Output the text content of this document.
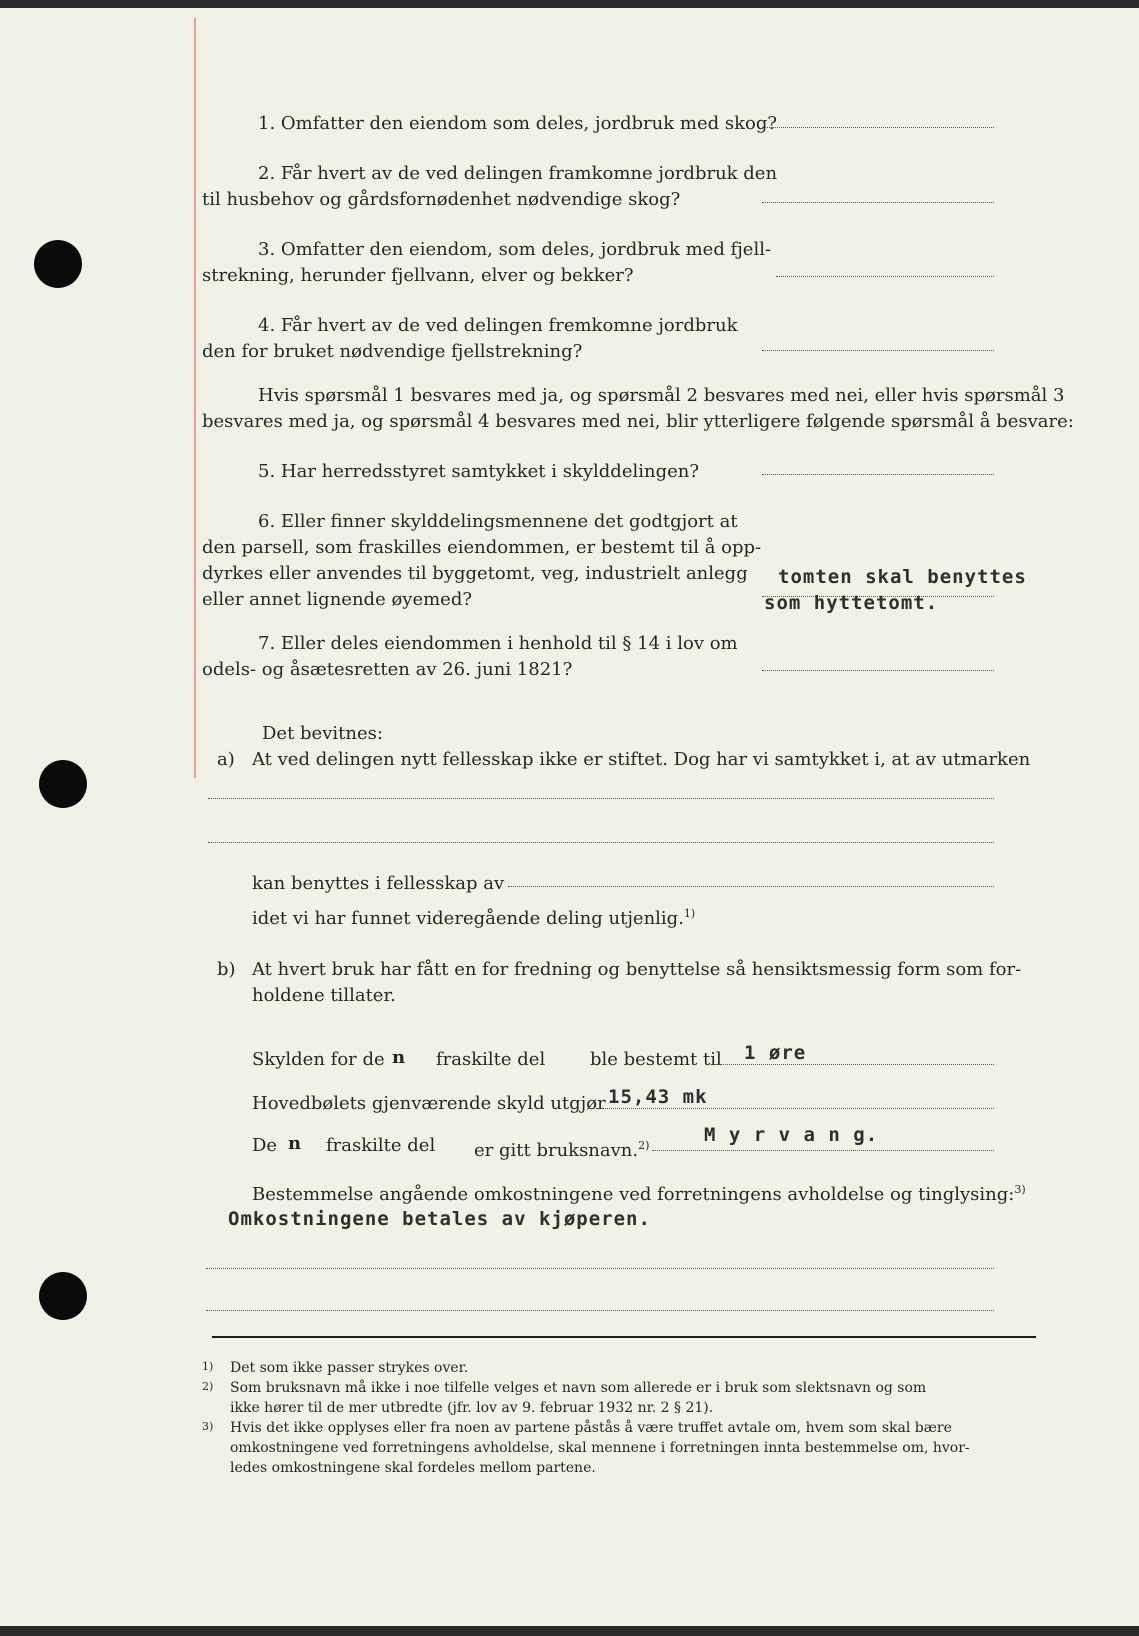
1. Omfatter den eiendom som deles, jordbruk med skog?
2. Får hvert av de ved delingen framkomne jordbruk den
til husbehov og gårdsfornødenhet nødvendige skog?
3. Omfatter den eiendom, som deles, jordbruk med fjell-
strekning, herunder fjellvann, elver og bekker?
4. Får hvert av de ved delingen fremkomne jordbruk
den for bruket nødvendige fjellstrekning?
Hvis spørsmål 1 besvares med ja, og spørsmål 2 besvares med nei, eller hvis spørsmål 3
besvares med ja, og spørsmål 4 besvares med nei, blir ytterligere følgende spørsmål å besvare:
5. Har herredsstyret samtykket i skylddelingen?
6. Eller finner skylddelingsmennene det godtgjort at
den parsell, som fraskilles eiendommen, er bestemt til å opp-
dyrkes eller anvendes til byggetomt, veg, industrielt anlegg
eller annet lignende øyemed?
tomten skal benyttes
som hyttetomt.
7. Eller deles eiendommen i henhold til § 14 i lov om
odels- og åsætesretten av 26. juni 1821?
Det bevitnes:
a) At ved delingen nytt fellesskap ikke er stiftet. Dog har vi samtykket i, at av utmarken
kan benyttes i fellesskap av
idet vi har funnet videregående deling utjenlig.$^{1)}$
b) At hvert bruk har fått en for fredning og benyttelse så hensiktsmessig form som for-
holdene tillater.
Skylden for de n fraskilte del ble bestemt til 1 øre
Hovedbølets gjenværende skyld utgjør 15,43 mk
De n fraskilte del er gitt bruksnavn.$^{2)}$	M y r v a n g.
Bestemmelse angående omkostningene ved forretningens avholdelse og tinglysing:$^{3)}$
Omkostningene betales av kjøperen.
1) Det som ikke passer strykes over.
2) Som bruksnavn må ikke i noe tilfelle velges et navn som allerede er i bruk som slektsnavn og som
ikke hører til de mer utbredte (jfr. lov av 9. februar 1932 nr. 2 § 21).
3) Hvis det ikke opplyses eller fra noen av partene påstås å være truffet avtale om, hvem som skal bære
omkostningene ved forretningens avholdelse, skal mennene i forretningen innta bestemmelse om, hvor-
ledes omkostningene skal fordeles mellom partene.
